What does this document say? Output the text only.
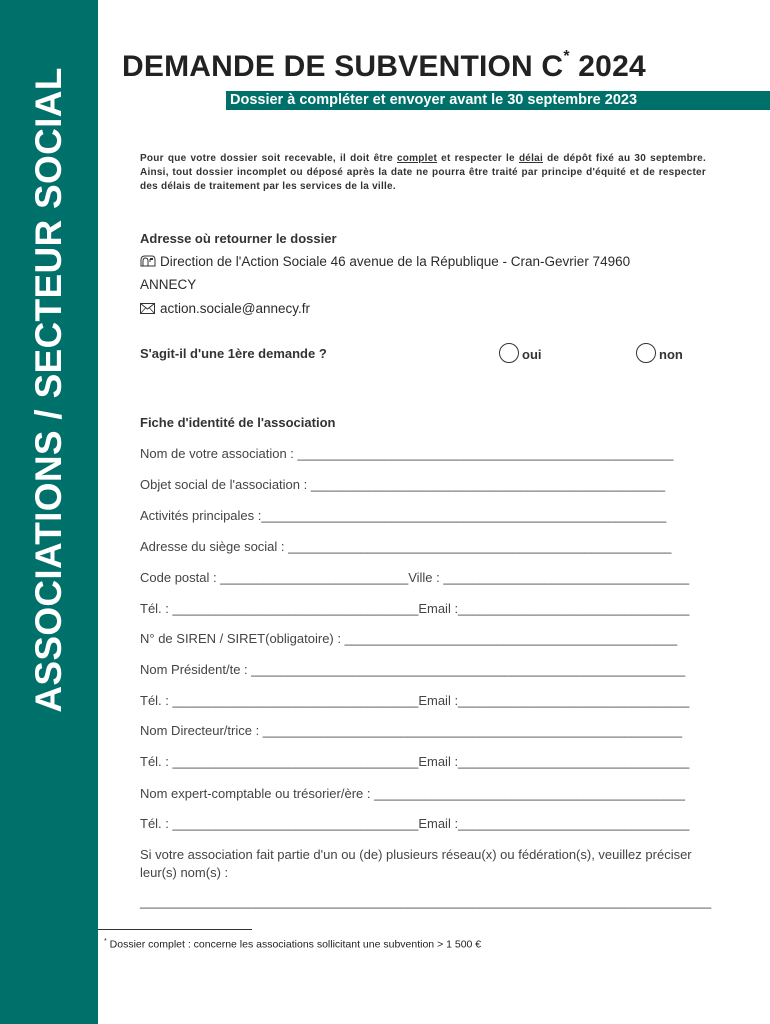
ASSOCIATIONS / SECTEUR SOCIAL
DEMANDE DE SUBVENTION C* 2024
Dossier à compléter et envoyer avant le 30 septembre 2023
Pour que votre dossier soit recevable, il doit être complet et respecter le délai de dépôt fixé au 30 septembre. Ainsi, tout dossier incomplet ou déposé après la date ne pourra être traité par principe d'équité et de respecter des délais de traitement par les services de la ville.
Adresse où retourner le dossier
Direction de l'Action Sociale 46 avenue de la République - Cran-Gevrier 74960
ANNECY
action.sociale@annecy.fr
S'agit-il d'une 1ère demande ?	oui	non
Fiche d'identité de l'association
Nom de votre association : ____________________________________________________
Objet social de l'association : _________________________________________________
Activités principales :________________________________________________________
Adresse du siège social : _____________________________________________________
Code postal : __________________________Ville : __________________________________
Tél. : __________________________________Email :________________________________
N° de SIREN / SIRET(obligatoire) : ______________________________________________
Nom Président/te : ____________________________________________________________
Tél. : __________________________________Email :________________________________
Nom Directeur/trice : __________________________________________________________
Tél. : __________________________________Email :________________________________
Nom expert-comptable ou trésorier/ère : ___________________________________________
Tél. : __________________________________Email :________________________________
Si votre association fait partie d'un ou (de) plusieurs réseau(x) ou fédération(s), veuillez préciser leur(s) nom(s) :
_______________________________________________________________________________
* Dossier complet : concerne les associations sollicitant une subvention > 1 500 €
